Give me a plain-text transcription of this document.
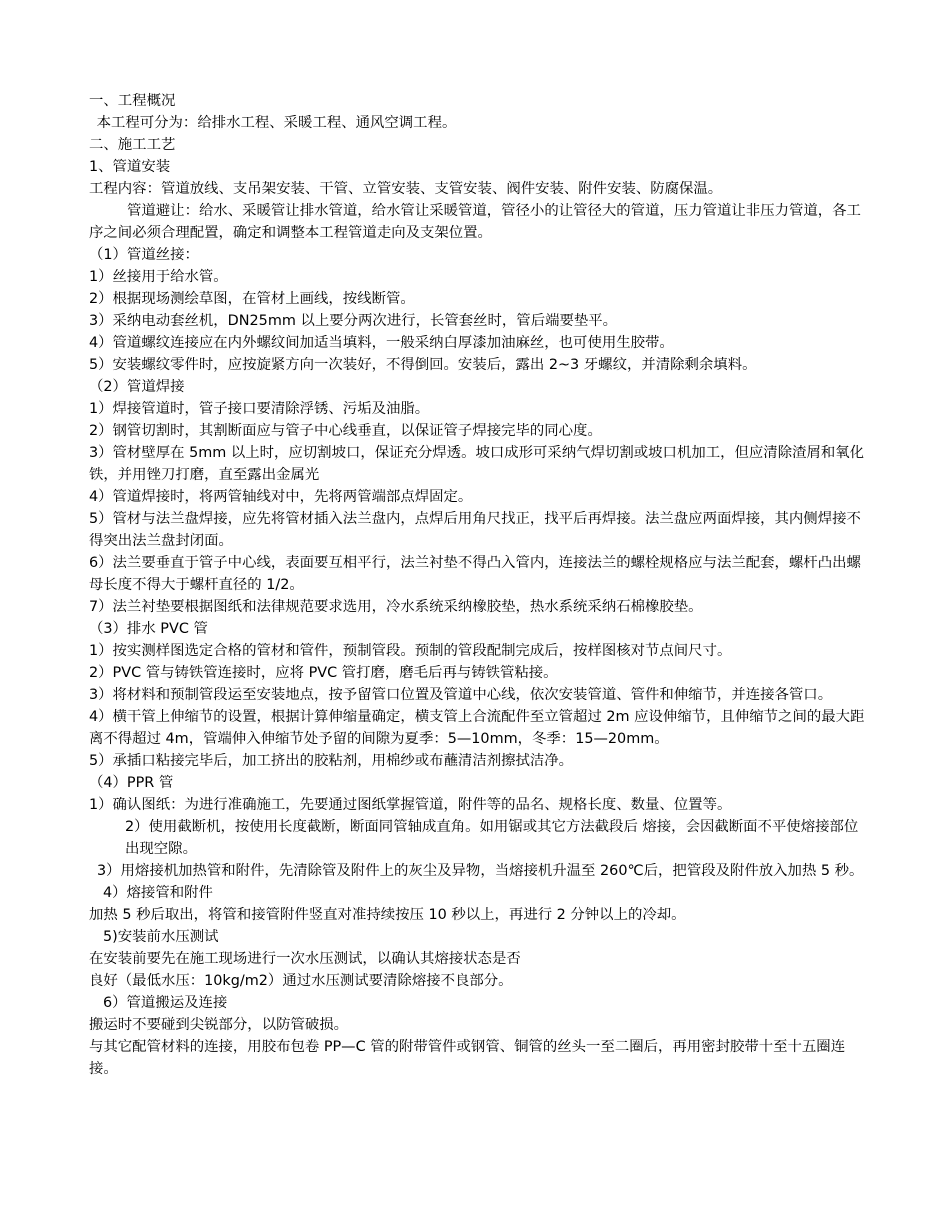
一、工程概况

本工程可分为：给排水工程、采暖工程、通风空调工程。

二、施工工艺

1、管道安装

工程内容：管道放线、支吊架安装、干管、立管安装、支管安装、阀件安装、附件安装、防腐保温。

管道避让：给水、采暖管让排水管道，给水管让采暖管道，管径小的让管径大的管道，压力管道让非压力管道，各工序之间必须合理配置，确定和调整本工程管道走向及支架位置。

（1）管道丝接：

1）丝接用于给水管。

2）根据现场测绘草图，在管材上画线，按线断管。

3）采纳电动套丝机，DN25mm 以上要分两次进行，长管套丝时，管后端要垫平。

4）管道螺纹连接应在内外螺纹间加适当填料，一般采纳白厚漆加油麻丝，也可使用生胶带。

5）安装螺纹零件时，应按旋紧方向一次装好，不得倒回。安装后，露出 2~3 牙螺纹，并清除剩余填料。

（2）管道焊接

1）焊接管道时，管子接口要清除浮锈、污垢及油脂。

2）钢管切割时，其割断面应与管子中心线垂直，以保证管子焊接完毕的同心度。

3）管材壁厚在 5mm 以上时，应切割坡口，保证充分焊透。坡口成形可采纳气焊切割或坡口机加工，但应清除渣屑和氧化铁，并用锉刀打磨，直至露出金属光

4）管道焊接时，将两管轴线对中，先将两管端部点焊固定。

5）管材与法兰盘焊接，应先将管材插入法兰盘内，点焊后用角尺找正，找平后再焊接。法兰盘应两面焊接，其内侧焊接不得突出法兰盘封闭面。

6）法兰要垂直于管子中心线，表面要互相平行，法兰衬垫不得凸入管内，连接法兰的螺栓规格应与法兰配套，螺杆凸出螺母长度不得大于螺杆直径的 1/2。

7）法兰衬垫要根据图纸和法律规范要求选用，冷水系统采纳橡胶垫，热水系统采纳石棉橡胶垫。

（3）排水 PVC 管

1）按实测样图选定合格的管材和管件，预制管段。预制的管段配制完成后，按样图核对节点间尺寸。

2）PVC 管与铸铁管连接时，应将 PVC 管打磨，磨毛后再与铸铁管粘接。

3）将材料和预制管段运至安装地点，按予留管口位置及管道中心线，依次安装管道、管件和伸缩节，并连接各管口。

4）横干管上伸缩节的设置，根据计算伸缩量确定，横支管上合流配件至立管超过 2m 应设伸缩节，且伸缩节之间的最大距离不得超过 4m，管端伸入伸缩节处予留的间隙为夏季：5—10mm，冬季：15—20mm。

5）承插口粘接完毕后，加工挤出的胶粘剂，用棉纱或布蘸清洁剂擦拭洁净。

（4）PPR 管

1）确认图纸：为进行准确施工，先要通过图纸掌握管道，附件等的品名、规格长度、数量、位置等。

2）使用截断机，按使用长度截断，断面同管轴成直角。如用锯或其它方法截段后 熔接，会因截断面不平使熔接部位出现空隙。

3）用熔接机加热管和附件，先清除管及附件上的灰尘及异物，当熔接机升温至 260℃后，把管段及附件放入加热 5 秒。

4）熔接管和附件

加热 5 秒后取出，将管和接管附件竖直对准持续按压 10 秒以上，再进行 2 分钟以上的冷却。

5)安装前水压测试

在安装前要先在施工现场进行一次水压测试，以确认其熔接状态是否

良好（最低水压：10kg/m2）通过水压测试要清除熔接不良部分。

6）管道搬运及连接

搬运时不要碰到尖锐部分，以防管破损。

与其它配管材料的连接，用胶布包卷 PP—C 管的附带管件或钢管、铜管的丝头一至二圈后，再用密封胶带十至十五圈连接。
